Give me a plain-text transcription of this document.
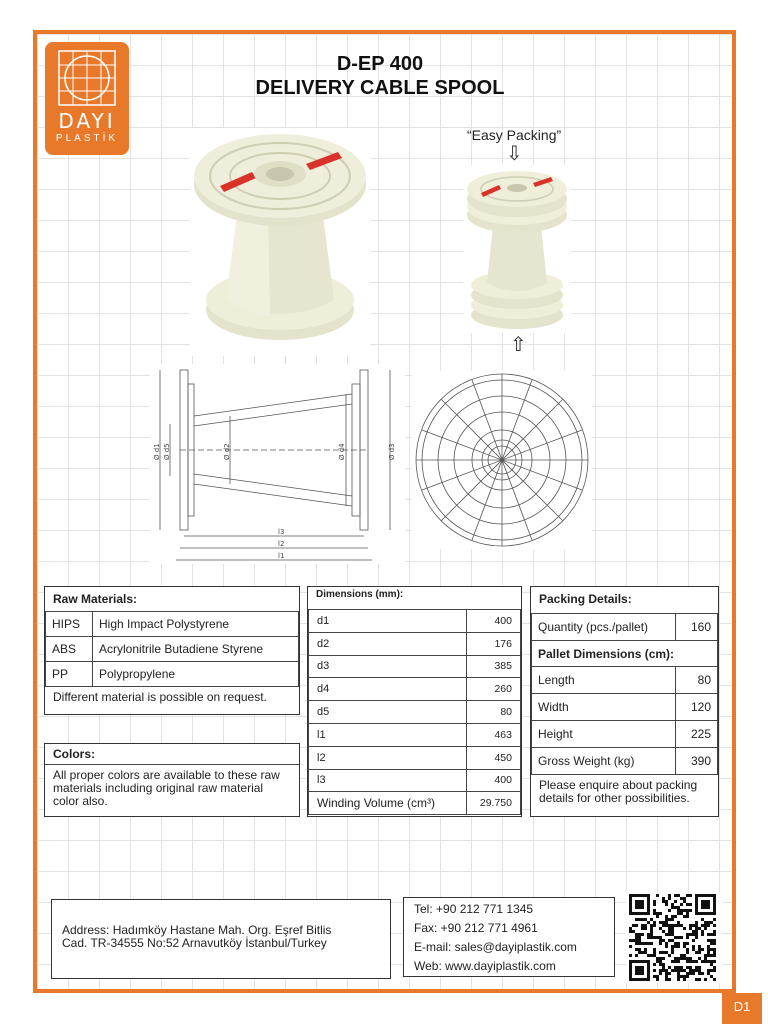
DAYI
PLASTİK
D-EP 400
DELIVERY CABLE SPOOL
“Easy Packing”
⇩
⇧
Ø d1 Ø d5	Ø d2	Ø d4	Ø d3
l3
l2
l1
Raw Materials:
HIPS	High Impact Polystyrene
ABS	Acrylonitrile Butadiene Styrene
PP	Polypropylene
Different material is possible on request.
Colors:
All proper colors are available to these raw materials including original raw material color also.
Dimensions (mm):
d1	400
d2	176
d3	385
d4	260
d5	80
l1	463
l2	450
l3	400
Winding Volume (cm³)	29.750
Packing Details:
Quantity (pcs./pallet)	160
Pallet Dimensions (cm):	
Length	80
Width	120
Height	225
Gross Weight (kg)	390
Please enquire about packing details for other possibilities.
Address: Hadımköy Hastane Mah. Org. Eşref Bitlis
Cad. TR-34555 No:52 Arnavutköy İstanbul/Turkey
Tel: +90 212 771 1345
Fax: +90 212 771 4961
E-mail: sales@dayiplastik.com
Web: www.dayiplastik.com
D1
